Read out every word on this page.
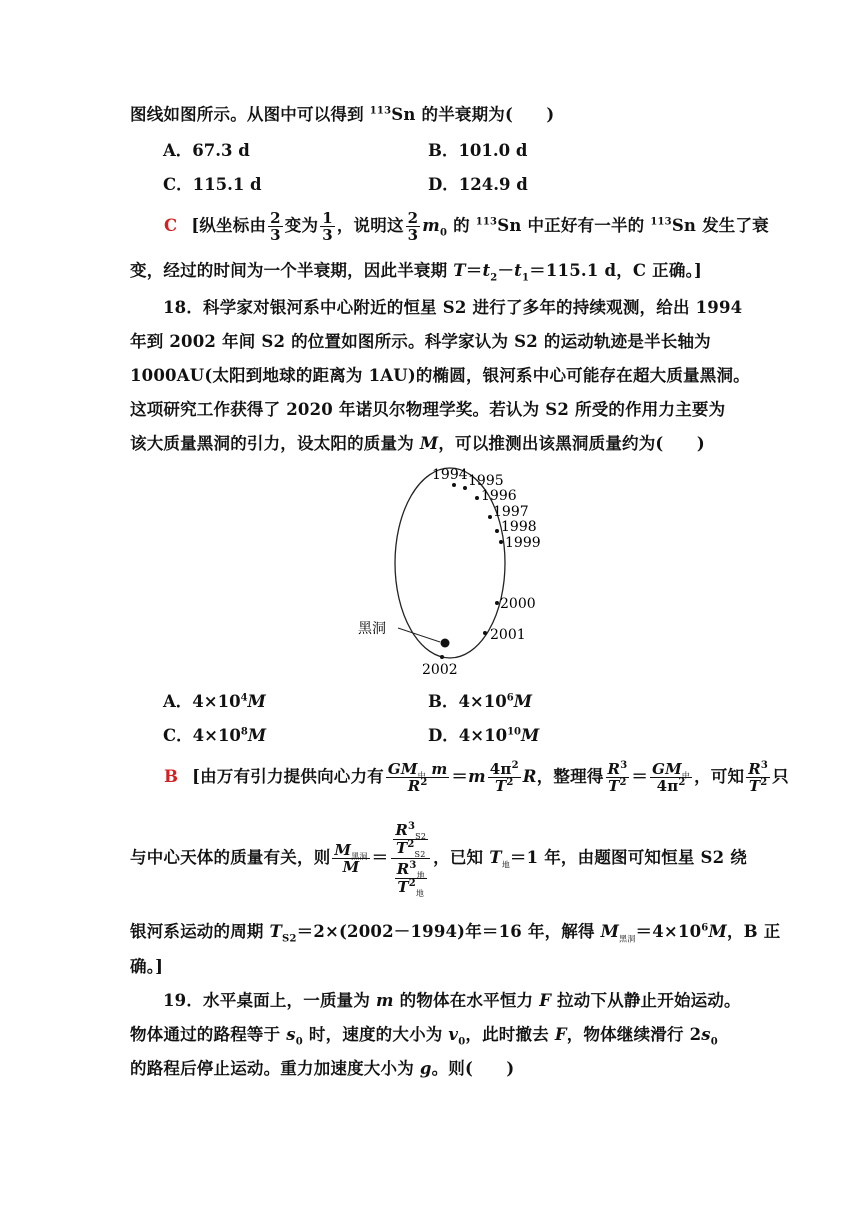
图线如图所示。从图中可以得到 $^{113}$Sn 的半衰期为(　　)
A．67.3 d	B．101.0 d
C．115.1 d	D．124.9 d
C [纵坐标由 $\frac{2}{3}$ 变为 $\frac{1}{3}$ ，说明这 $\frac{2}{3} m_0$ 的 $^{113}$Sn 中正好有一半的 $^{113}$Sn 发生了衰
变，经过的时间为一个半衰期，因此半衰期 $T=t_2-t_1=115.1$ d，C 正确。]
18．科学家对银河系中心附近的恒星 S2 进行了多年的持续观测，给出 1994
年到 2002 年间 S2 的位置如图所示。科学家认为 S2 的运动轨迹是半长轴为
1000AU(太阳到地球的距离为 1AU)的椭圆，银河系中心可能存在超大质量黑洞。
这项研究工作获得了 2020 年诺贝尔物理学奖。若认为 S2 所受的作用力主要为
该大质量黑洞的引力，设太阳的质量为 M，可以推测出该黑洞质量约为(　　)
黑洞
1994 1995
1996
1997
1998
1999
2000
2001
2002
A．$4\times 10^4M$	B．$4\times 10^6M$
C．$4\times 10^8M$	D．$4\times 10^{10}M$
B [由万有引力提供向心力有 $\frac{GM_中 m}{R^2} =m \frac{4\pi^2}{T^2}$ R，整理得 $\frac{R^3}{T^2} = \frac{GM_中}{4\pi^2}$ ，可知 $\frac{R^3}{T^2}$ 只
与中心天体的质量有关，则 $\frac{M_{黑洞}}{M}$ ＝
$\frac{R^3_{S2}}{T^2_{S2}}$
$\frac{R^3_地}{T^2_地}$
，已知 $T_地=1$ 年，由题图可知恒星 S2 绕
银河系运动的周期 $T_{S2}=2\times(2002-1994)$年＝16 年，解得 $M_{黑洞}=4\times 10^6M$，B 正
确。]
19．水平桌面上，一质量为 m 的物体在水平恒力 F 拉动下从静止开始运动。
物体通过的路程等于 $s_0$ 时，速度的大小为 $v_0$，此时撤去 F，物体继续滑行 $2s_0$
的路程后停止运动。重力加速度大小为 g。则(　　)
